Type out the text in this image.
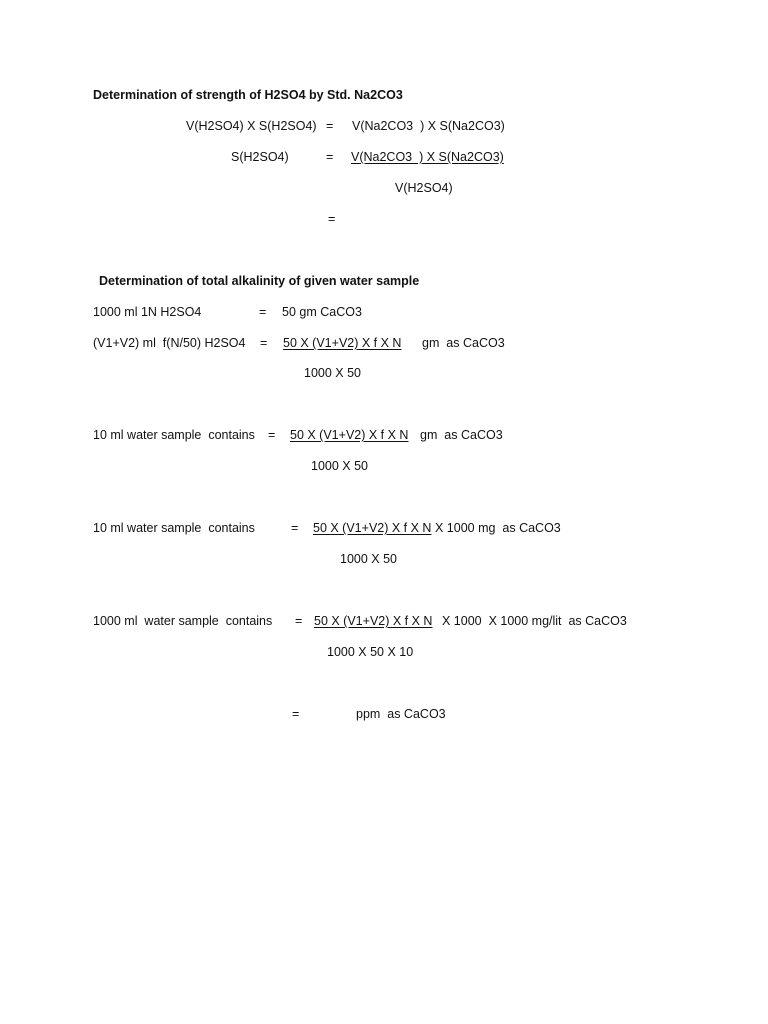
Determination of strength of H2SO4 by Std. Na2CO3
V(H2SO4) X S(H2SO4) = V(Na2CO3  ) X S(Na2CO3)
S(H2SO4)	= V(Na2CO3  ) X S(Na2CO3)
V(H2SO4)
=
Determination of total alkalinity of given water sample
1000 ml 1N H2SO4	= 50 gm CaCO3
(V1+V2) ml  f(N/50) H2SO4 = 50 X (V1+V2) X f X N gm  as CaCO3
1000 X 50
10 ml water sample  contains = 50 X (V1+V2) X f X N gm  as CaCO3
1000 X 50
10 ml water sample  contains	= 50 X (V1+V2) X f X N X 1000 mg  as CaCO3
1000 X 50
1000 ml  water sample  contains = 50 X (V1+V2) X f X N X 1000  X 1000 mg/lit  as CaCO3
1000 X 50 X 10
=	ppm  as CaCO3
